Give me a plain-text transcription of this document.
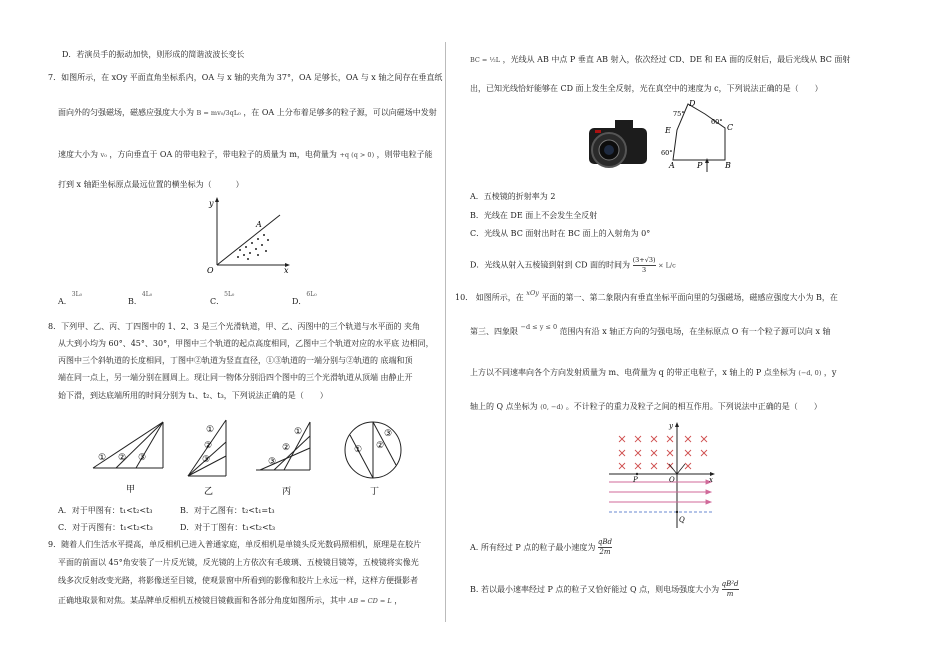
D．若演员手的振动加快，则形成的简谐波波长变长
7．如图所示，在 xOy 平面直角坐标系内，OA 与 x 轴的夹角为 37°，OA 足够长，OA 与 x 轴之间存在垂直纸
面向外的匀强磁场，磁感应强度大小为 B = mv₀/3qL₀ ，在 OA 上分布着足够多的粒子源，可以向磁场中发射
速度大小为 v₀ ，方向垂直于 OA 的带电粒子，带电粒子的质量为 m，电荷量为 +q (q > 0) ，则带电粒子能
打到 x 轴距坐标原点最远位置的横坐标为（　　　）
y
x
O
A
A．$^{3L_0}$
B．$^{4L_0}$
C．$^{5L_0}$
D．$^{6L_0}$
8．下列甲、乙、丙、丁四图中的 1、2、3 是三个光滑轨道，甲、乙、丙图中的三个轨道与水平面的 夹角
从大到小均为 60°、45°、30°，甲图中三个轨道的起点高度相同，乙图中三个轨道对应的水平底 边相同，
丙图中三个斜轨道的长度相同，丁图中②轨道为竖直直径，①③轨道的一端分别与②轨道的 底端和顶
端在同一点上，另一端分别在圆周上。现让同一物体分别沿四个图中的三个光滑轨道从顶端 由静止开
始下滑，到达底端所用的时间分别为 t₁、t₂、t₃，下列说法正确的是（　　）
① ② ③
甲
①
②
③
乙
①
②
③
丙
① ②
③
丁
A．对于甲图有：t₁<t₂<t₃	B．对于乙图有：t₂<t₁=t₃
C．对于丙图有：t₁<t₂<t₃	D．对于丁图有：t₁<t₂<t₃
9．随着人们生活水平提高，单反相机已进入普通家庭，单反相机是单镜头反光数码照相机，原理是在胶片
平面的前面以 45°角安装了一片反光镜，反光镜的上方依次有毛玻璃、五棱镜目镜等，五棱镜将实像光
线多次反射改变光路，将影像送至目镜，使观景窗中所看到的影像和胶片上永远一样，这样方便摄影者
正确地取景和对焦。某品牌单反相机五棱镜目镜截面和各部分角度如图所示，其中 AB = CD = L ，
BC = ½L ，光线从 AB 中点 P 垂直 AB 射入，依次经过 CD、DE 和 EA 面的反射后，最后光线从 BC 面射
出，已知光线恰好能够在 CD 面上发生全反射，光在真空中的速度为 c，下列说法正确的是（　　）
D
C
E
A	P	B
75°
60°
60°
A．五棱镜的折射率为 2
B．光线在 DE 面上不会发生全反射
C．光线从 BC 面射出时在 BC 面上的入射角为 0°
D．光线从射入五棱镜到射到 CD 面的时间为 $\frac{(3+√3)}{3} \times L/c$
10． 如图所示，在 $^{xOy}$ 平面的第一、第二象限内有垂直坐标平面向里的匀强磁场，磁感应强度大小为 B，在
第三、四象限 $^{-d \le y \le 0}$ 范围内有沿 x 轴正方向的匀强电场，在坐标原点 O 有一个粒子源可以向 x 轴
上方以不同速率向各个方向发射质量为 m、电荷量为 q 的带正电粒子，x 轴上的 P 点坐标为 (−d, 0) ，y
轴上的 Q 点坐标为 (0, −d) 。不计粒子的重力及粒子之间的相互作用。下列说法中正确的是（　　）
y
x
O
P
Q
A. 所有经过 P 点的粒子最小速度为
qBd
2m
B. 若以最小速率经过 P 点的粒子又恰好能过 Q 点，则电场强度大小为 $\frac{\text{qB²d}}{m}$
